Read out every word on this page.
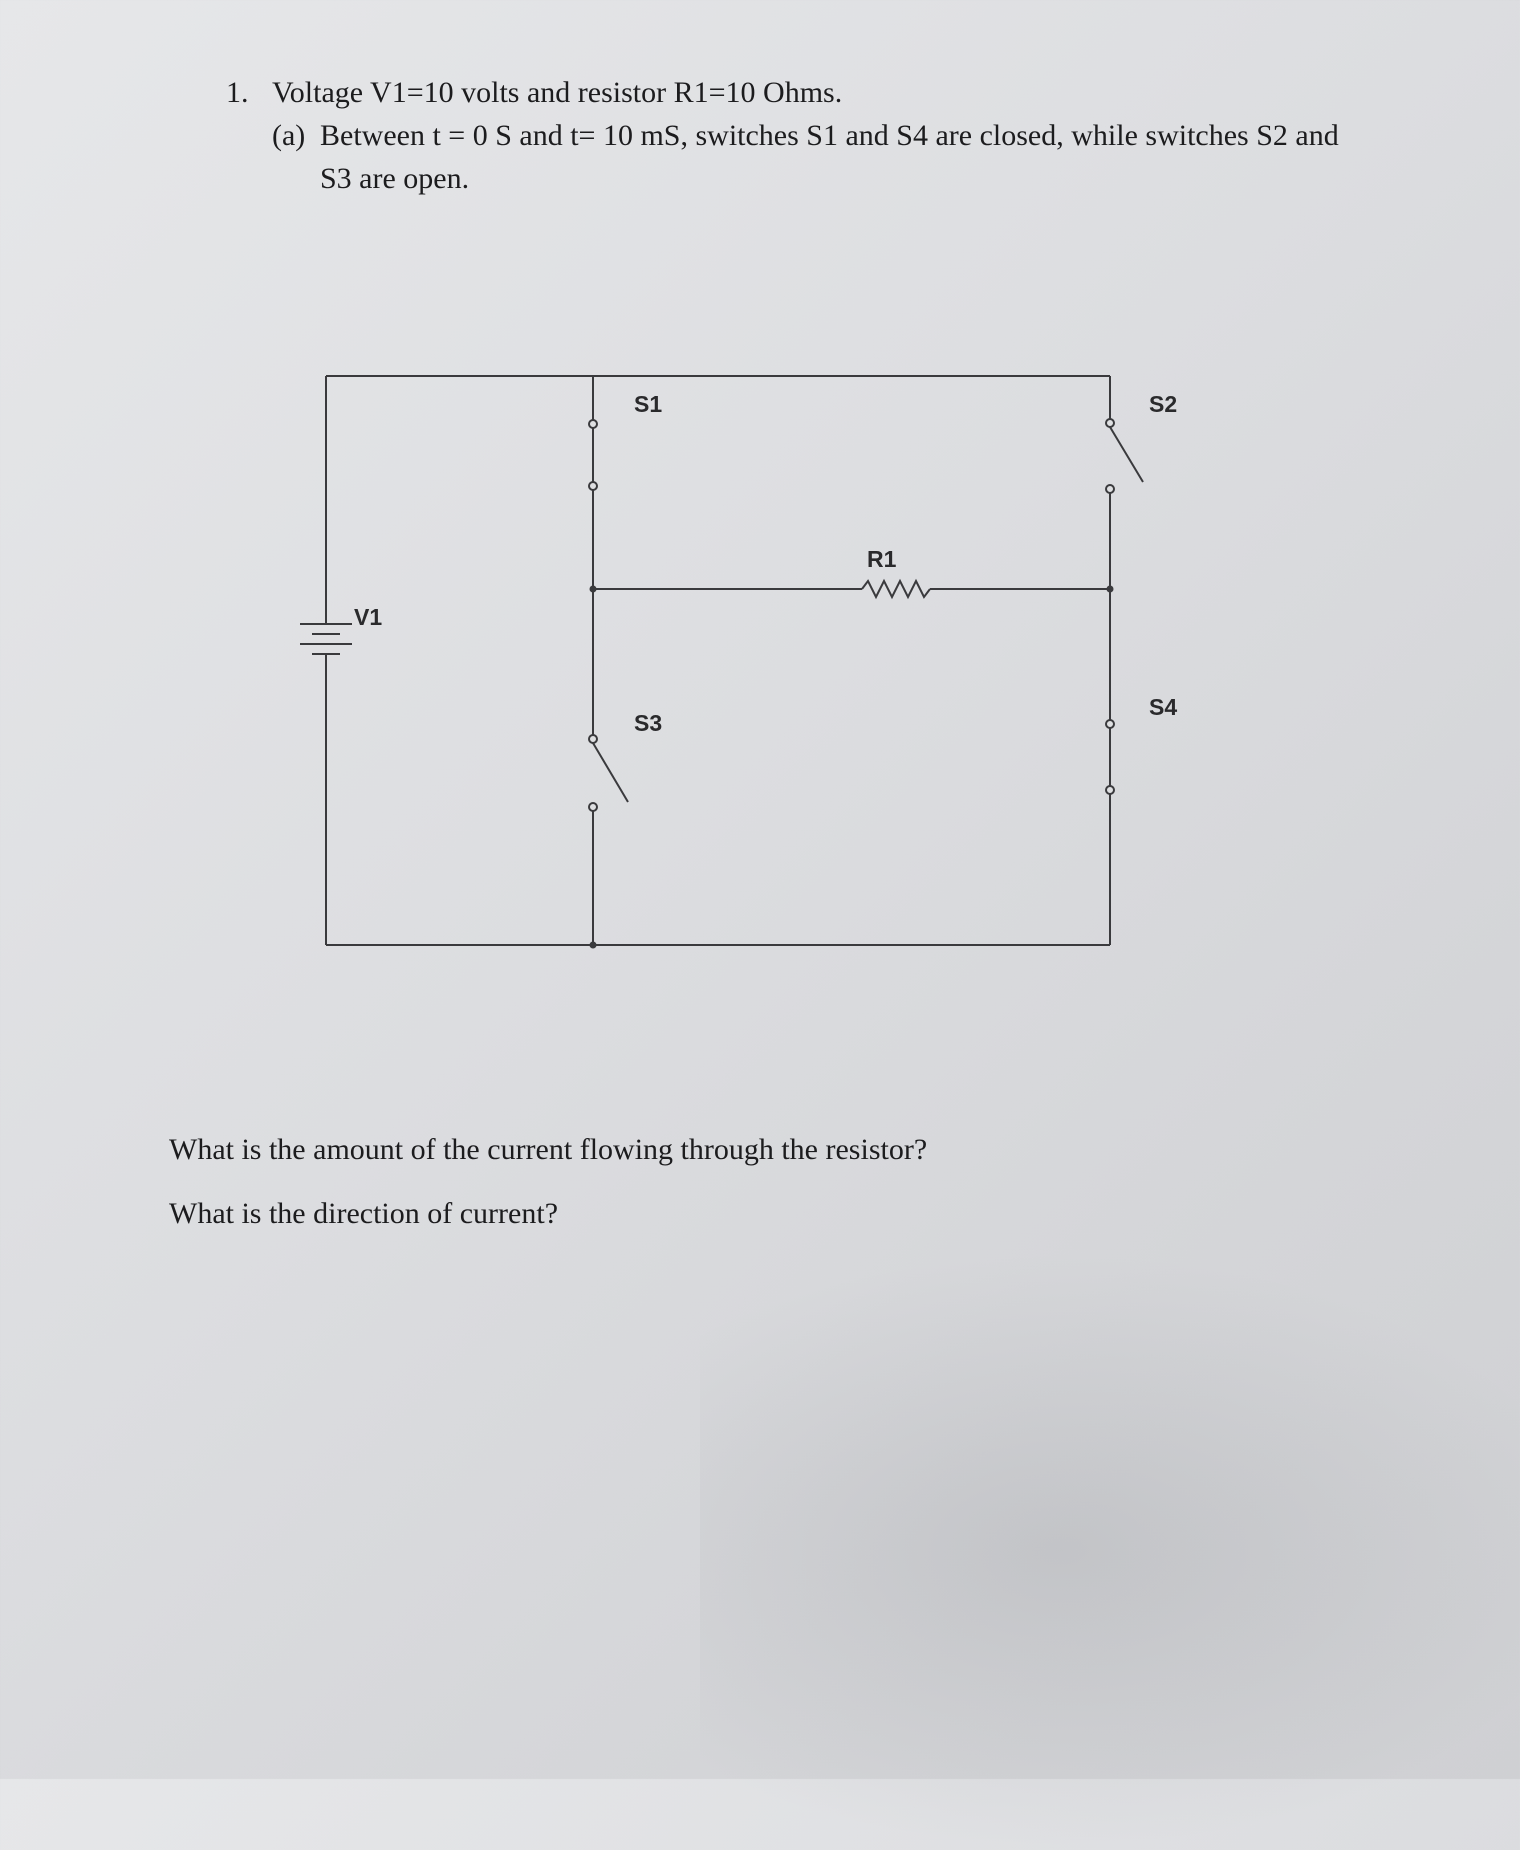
1. Voltage V1=10 volts and resistor R1=10 Ohms.
(a) Between t = 0 S and t= 10 mS, switches S1 and S4 are closed, while switches S2 and
S3 are open.
V1
R1
S1	S2
S3
S4
What is the amount of the current flowing through the resistor?
What is the direction of current?
